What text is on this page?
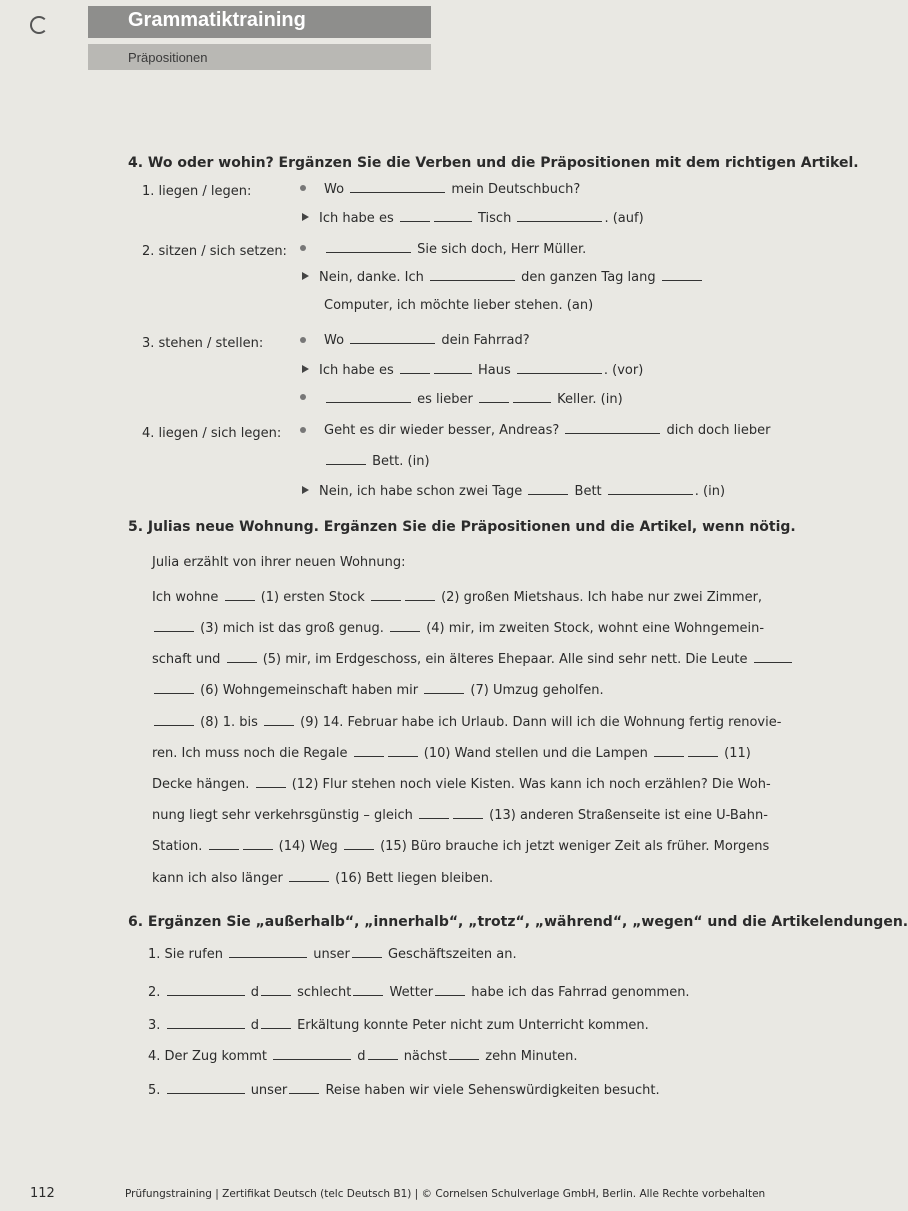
Grammatiktraining
Präpositionen
4. Wo oder wohin? Ergänzen Sie die Verben und die Präpositionen mit dem richtigen Artikel.
1. liegen / legen:	Wo	mein Deutschbuch?
Ich habe es	Tisch	. (auf)
2. sitzen / sich setzen:	Sie sich doch, Herr Müller.
Nein, danke. Ich	den ganzen Tag lang
Computer, ich möchte lieber stehen. (an)
3. stehen / stellen:	Wo	dein Fahrrad?
Ich habe es	Haus	. (vor)
es lieber	Keller. (in)
4. liegen / sich legen:	Geht es dir wieder besser, Andreas?	dich doch lieber
Bett. (in)
Nein, ich habe schon zwei Tage	Bett	. (in)
5. Julias neue Wohnung. Ergänzen Sie die Präpositionen und die Artikel, wenn nötig.
Julia erzählt von ihrer neuen Wohnung:
Ich wohne	(1) ersten Stock	(2) großen Mietshaus. Ich habe nur zwei Zimmer,
(3) mich ist das groß genug.	(4) mir, im zweiten Stock, wohnt eine Wohngemein-
schaft und	(5) mir, im Erdgeschoss, ein älteres Ehepaar. Alle sind sehr nett. Die Leute
(6) Wohngemeinschaft haben mir	(7) Umzug geholfen.
(8) 1. bis	(9) 14. Februar habe ich Urlaub. Dann will ich die Wohnung fertig renovie-
ren. Ich muss noch die Regale	(10) Wand stellen und die Lampen	(11)
Decke hängen.	(12) Flur stehen noch viele Kisten. Was kann ich noch erzählen? Die Woh-
nung liegt sehr verkehrsgünstig – gleich	(13) anderen Straßenseite ist eine U-Bahn-
Station.	(14) Weg	(15) Büro brauche ich jetzt weniger Zeit als früher. Morgens
kann ich also länger	(16) Bett liegen bleiben.
6. Ergänzen Sie „außerhalb“, „innerhalb“, „trotz“, „während“, „wegen“ und die Artikelendungen.
1. Sie rufen	unser	Geschäftszeiten an.
2.	d	schlecht	Wetter	habe ich das Fahrrad genommen.
3.	d	Erkältung konnte Peter nicht zum Unterricht kommen.
4. Der Zug kommt	d	nächst	zehn Minuten.
5.	unser	Reise haben wir viele Sehenswürdigkeiten besucht.
112	Prüfungstraining | Zertifikat Deutsch (telc Deutsch B1) | © Cornelsen Schulverlage GmbH, Berlin. Alle Rechte vorbehalten
